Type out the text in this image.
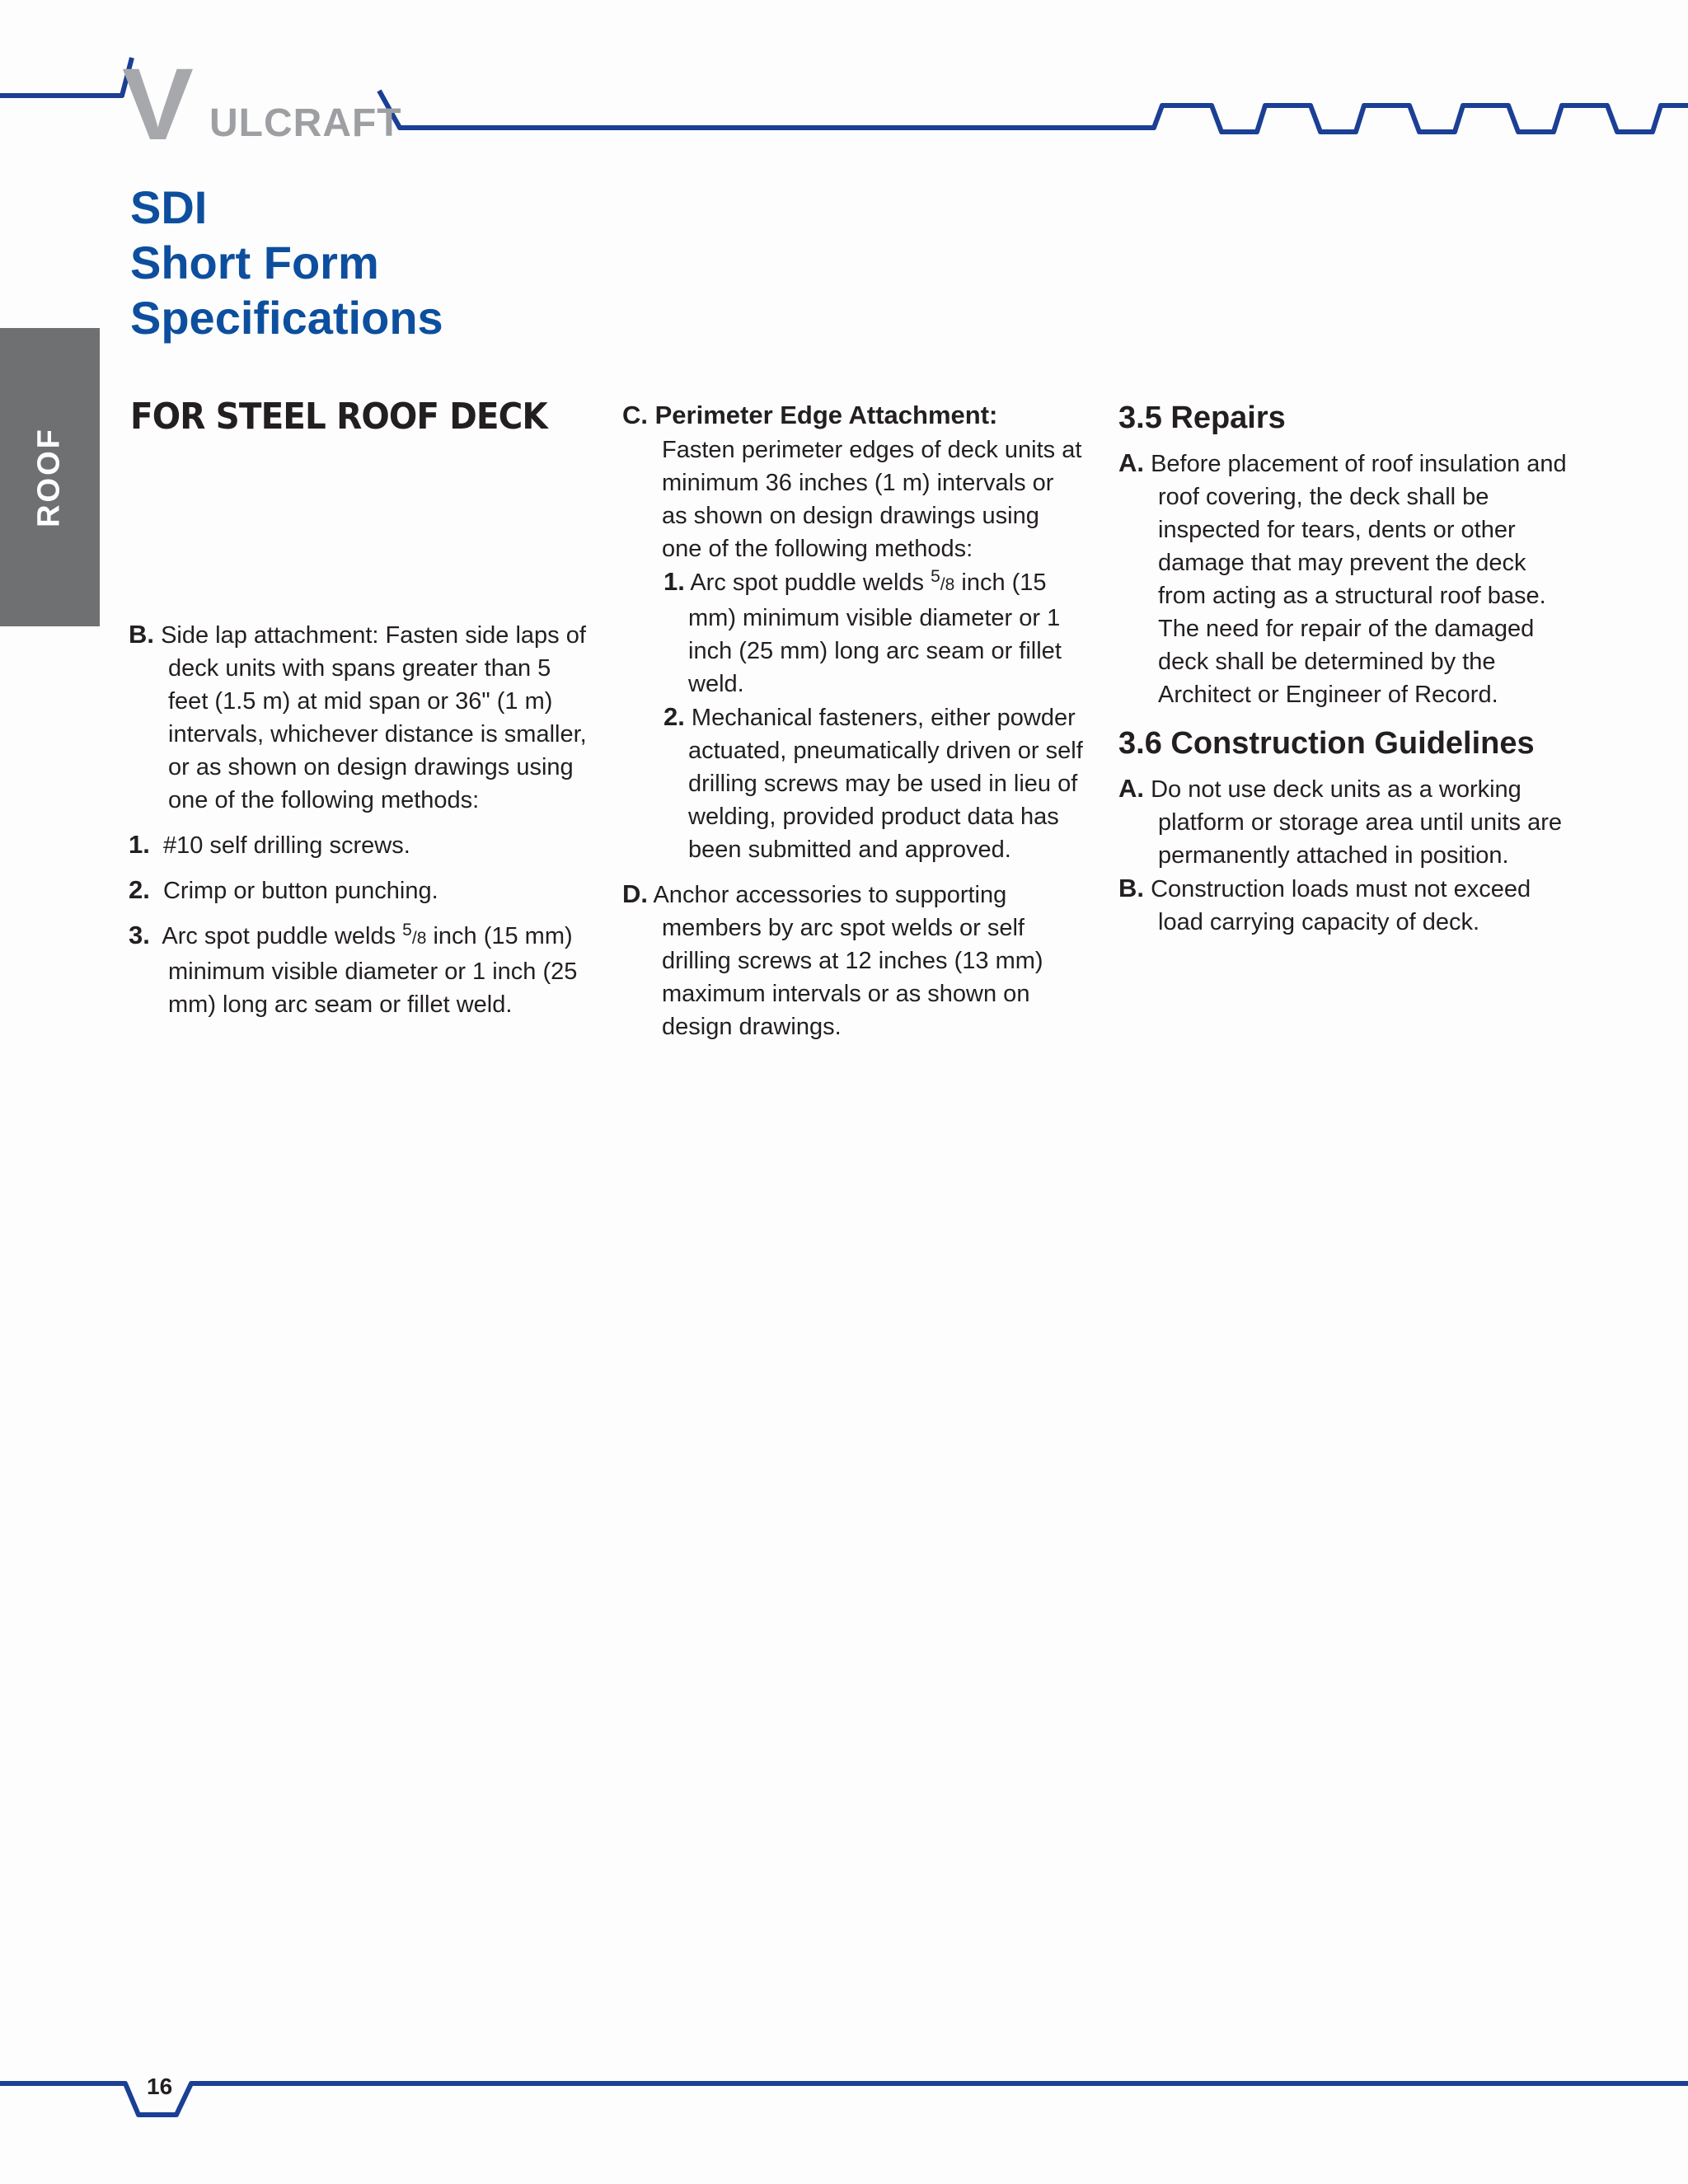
V ULCRAFT
SDI
Short Form
Specifications
ROOF
FOR STEEL ROOF DECK

B. Side lap attachment: Fasten side laps of deck units with spans greater than 5 feet (1.5 m) at mid span or 36" (1 m) intervals, whichever distance is smaller, or as shown on design drawings using one of the following methods:

1. #10 self drilling screws.

2. Crimp or button punching.

3. Arc spot puddle welds 5/8 inch (15 mm) minimum visible diameter or 1 inch (25 mm) long arc seam or fillet weld.

C. Perimeter Edge Attachment:

Fasten perimeter edges of deck units at minimum 36 inches (1 m) intervals or as shown on design drawings using one of the following methods:

1. Arc spot puddle welds 5/8 inch (15 mm) minimum visible diameter or 1 inch (25 mm) long arc seam or fillet weld.

2. Mechanical fasteners, either powder actuated, pneumatically driven or self drilling screws may be used in lieu of welding, provided product data has been submitted and approved.

D. Anchor accessories to supporting members by arc spot welds or self drilling screws at 12 inches (13 mm) maximum intervals or as shown on design drawings.

3.5 Repairs

A. Before placement of roof insulation and roof covering, the deck shall be inspected for tears, dents or other damage that may prevent the deck from acting as a structural roof base. The need for repair of the damaged deck shall be determined by the Architect or Engineer of Record.

3.6 Construction Guidelines

A. Do not use deck units as a working platform or storage area until units are permanently attached in position.

B. Construction loads must not exceed load carrying capacity of deck.

16
